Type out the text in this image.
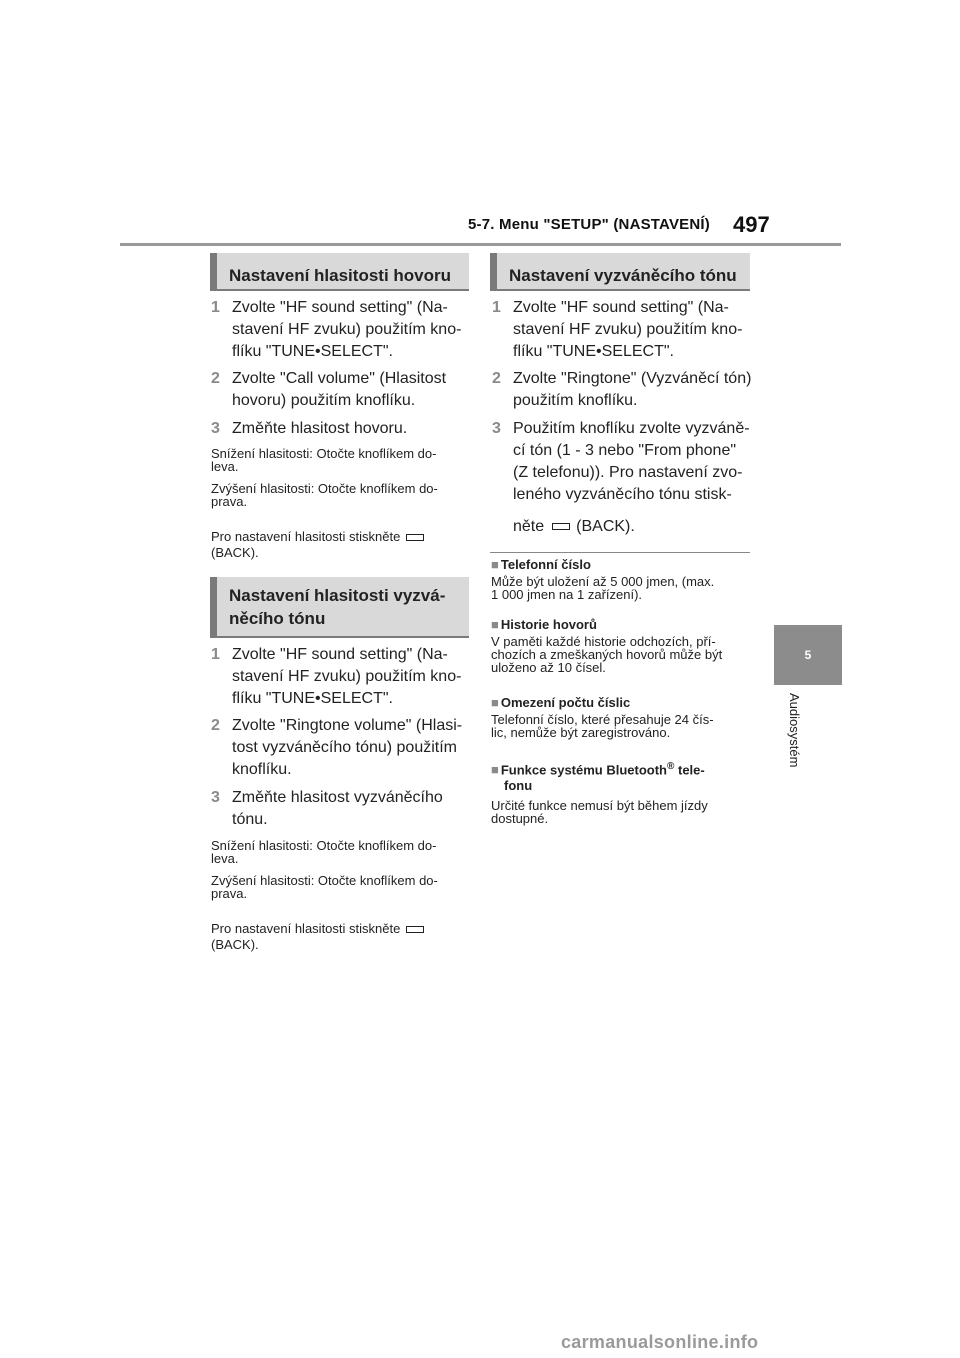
5-7. Menu "SETUP" (NASTAVENÍ) 497
5
Audiosystém
Nastavení hlasitosti hovoru
1 Zvolte "HF sound setting" (Na-
stavení HF zvuku) použitím kno-
flíku "TUNE•SELECT".
2 Zvolte "Call volume" (Hlasitost
hovoru) použitím knoflíku.
3 Změňte hlasitost hovoru.
Snížení hlasitosti: Otočte knoflíkem do-
leva.
Zvýšení hlasitosti: Otočte knoflíkem do-
prava.
Pro nastavení hlasitosti stiskněte
(BACK).
Nastavení hlasitosti vyzvá-
něcího tónu
1 Zvolte "HF sound setting" (Na-
stavení HF zvuku) použitím kno-
flíku "TUNE•SELECT".
2 Zvolte "Ringtone volume" (Hlasi-
tost vyzváněcího tónu) použitím
knoflíku.
3 Změňte hlasitost vyzváněcího
tónu.
Snížení hlasitosti: Otočte knoflíkem do-
leva.
Zvýšení hlasitosti: Otočte knoflíkem do-
prava.
Pro nastavení hlasitosti stiskněte
(BACK).
Nastavení vyzváněcího tónu
1 Zvolte "HF sound setting" (Na-
stavení HF zvuku) použitím kno-
flíku "TUNE•SELECT".
2 Zvolte "Ringtone" (Vyzváněcí tón)
použitím knoflíku.
3 Použitím knoflíku zvolte vyzváně-
cí tón (1 - 3 nebo "From phone"
(Z telefonu)). Pro nastavení zvo-
leného vyzváněcího tónu stisk-
něte (BACK).
■ Telefonní číslo
Může být uložení až 5 000 jmen, (max.
1 000 jmen na 1 zařízení).
■ Historie hovorů
V paměti každé historie odchozích, pří-
chozích a zmeškaných hovorů může být
uloženo až 10 čísel.
■ Omezení počtu číslic
Telefonní číslo, které přesahuje 24 čís-
lic, nemůže být zaregistrováno.
■ Funkce systému Bluetooth® tele-
fonu
Určité funkce nemusí být během jízdy
dostupné.
carmanualsonline.info
